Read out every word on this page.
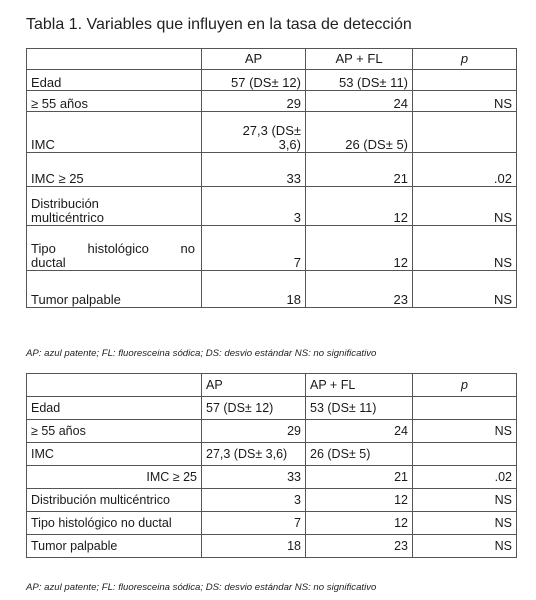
Tabla 1. Variables que influyen en la tasa de detección
	AP	AP + FL	p
Edad	57 (DS± 12)	53 (DS± 11)	
≥ 55 años	29	24	NS
IMC	27,3 (DS± 3,6)	26 (DS± 5)	
IMC ≥ 25	33	21	.02
Distribución multicéntrico	3	12	NS
Tipo histológico no ductal	7	12	NS
Tumor palpable	18	23	NS
AP: azul patente; FL: fluoresceina sódica; DS: desvio estándar NS: no significativo
	AP	AP + FL	p
Edad	57 (DS± 12)	53 (DS± 11)	
≥ 55 años	29	24	NS
IMC	27,3 (DS± 3,6)	26 (DS± 5)	
IMC ≥ 25	33	21	.02
Distribución multicéntrico	3	12	NS
Tipo histológico no ductal	7	12	NS
Tumor palpable	18	23	NS
AP: azul patente; FL: fluoresceina sódica; DS: desvio estándar NS: no significativo
